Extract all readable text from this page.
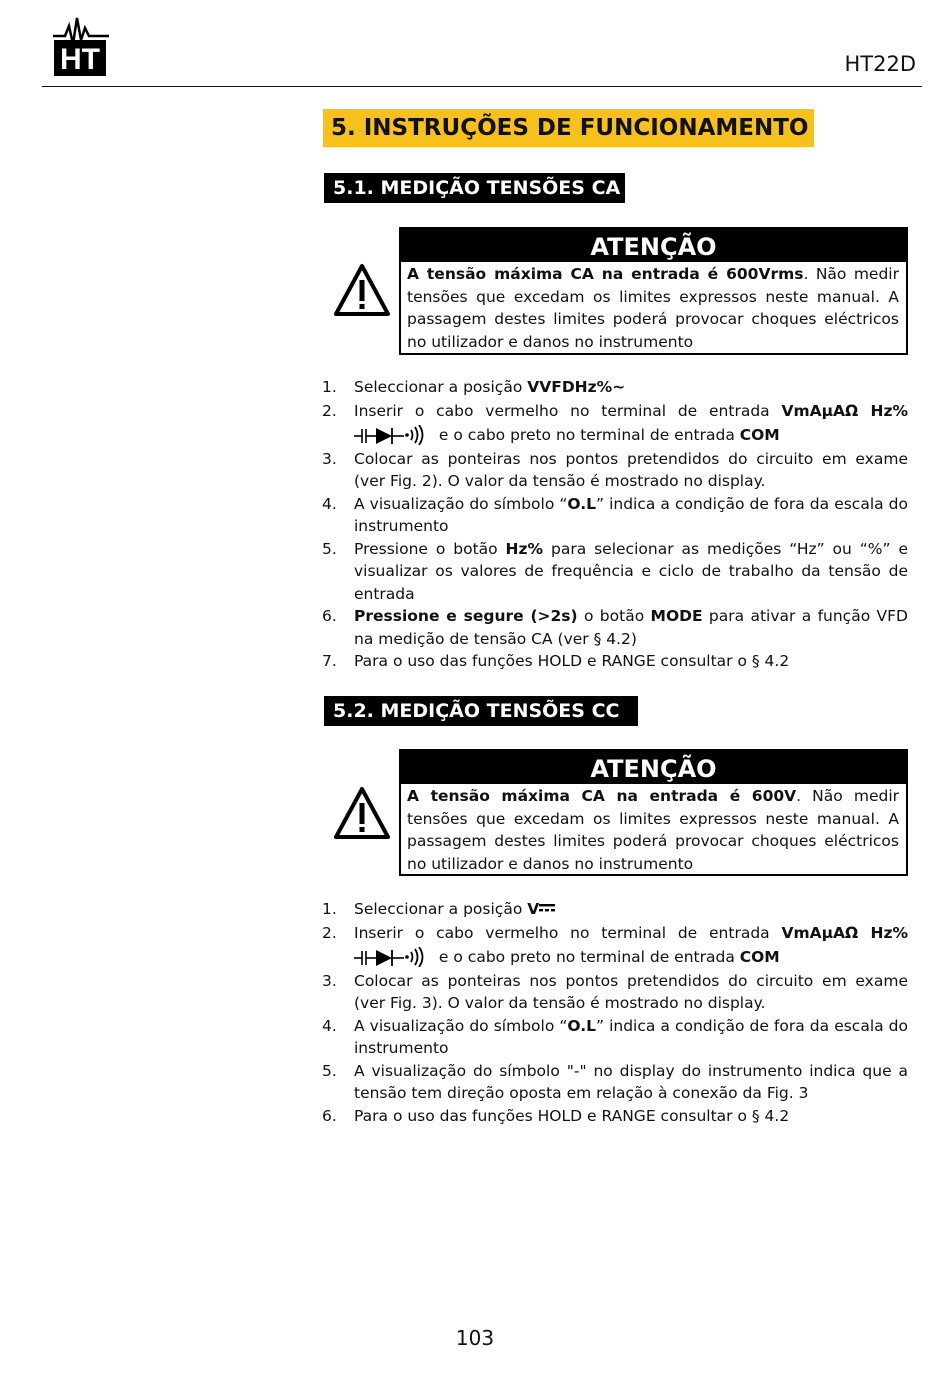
HT	HT22D
5. INSTRUÇÕES DE FUNCIONAMENTO
5.1. MEDIÇÃO TENSÕES CA
ATENÇÃO
A tensão máxima CA na entrada é 600Vrms. Não medir tensões que excedam os limites expressos neste manual. A passagem destes limites poderá provocar choques eléctricos no utilizador e danos no instrumento
1. Seleccionar a posição VVFDHz%~
2. Inserir o cabo vermelho no terminal de entrada VmAµAΩ Hz% e o cabo preto no terminal de entrada COM
3. Colocar as ponteiras nos pontos pretendidos do circuito em exame (ver Fig. 2). O valor da tensão é mostrado no display.
4. A visualização do símbolo “O.L” indica a condição de fora da escala do instrumento
5. Pressione o botão Hz% para selecionar as medições “Hz” ou “%” e visualizar os valores de frequência e ciclo de trabalho da tensão de entrada
6. Pressione e segure (>2s) o botão MODE para ativar a função VFD na medição de tensão CA (ver § 4.2)
7. Para o uso das funções HOLD e RANGE consultar o § 4.2
5.2. MEDIÇÃO TENSÕES CC
ATENÇÃO
A tensão máxima CA na entrada é 600V. Não medir tensões que excedam os limites expressos neste manual. A passagem destes limites poderá provocar choques eléctricos no utilizador e danos no instrumento
1. Seleccionar a posição V
2. Inserir o cabo vermelho no terminal de entrada VmAµAΩ Hz% e o cabo preto no terminal de entrada COM
3. Colocar as ponteiras nos pontos pretendidos do circuito em exame (ver Fig. 3). O valor da tensão é mostrado no display.
4. A visualização do símbolo “O.L” indica a condição de fora da escala do instrumento
5. A visualização do símbolo "-" no display do instrumento indica que a tensão tem direção oposta em relação à conexão da Fig. 3
6. Para o uso das funções HOLD e RANGE consultar o § 4.2
103
